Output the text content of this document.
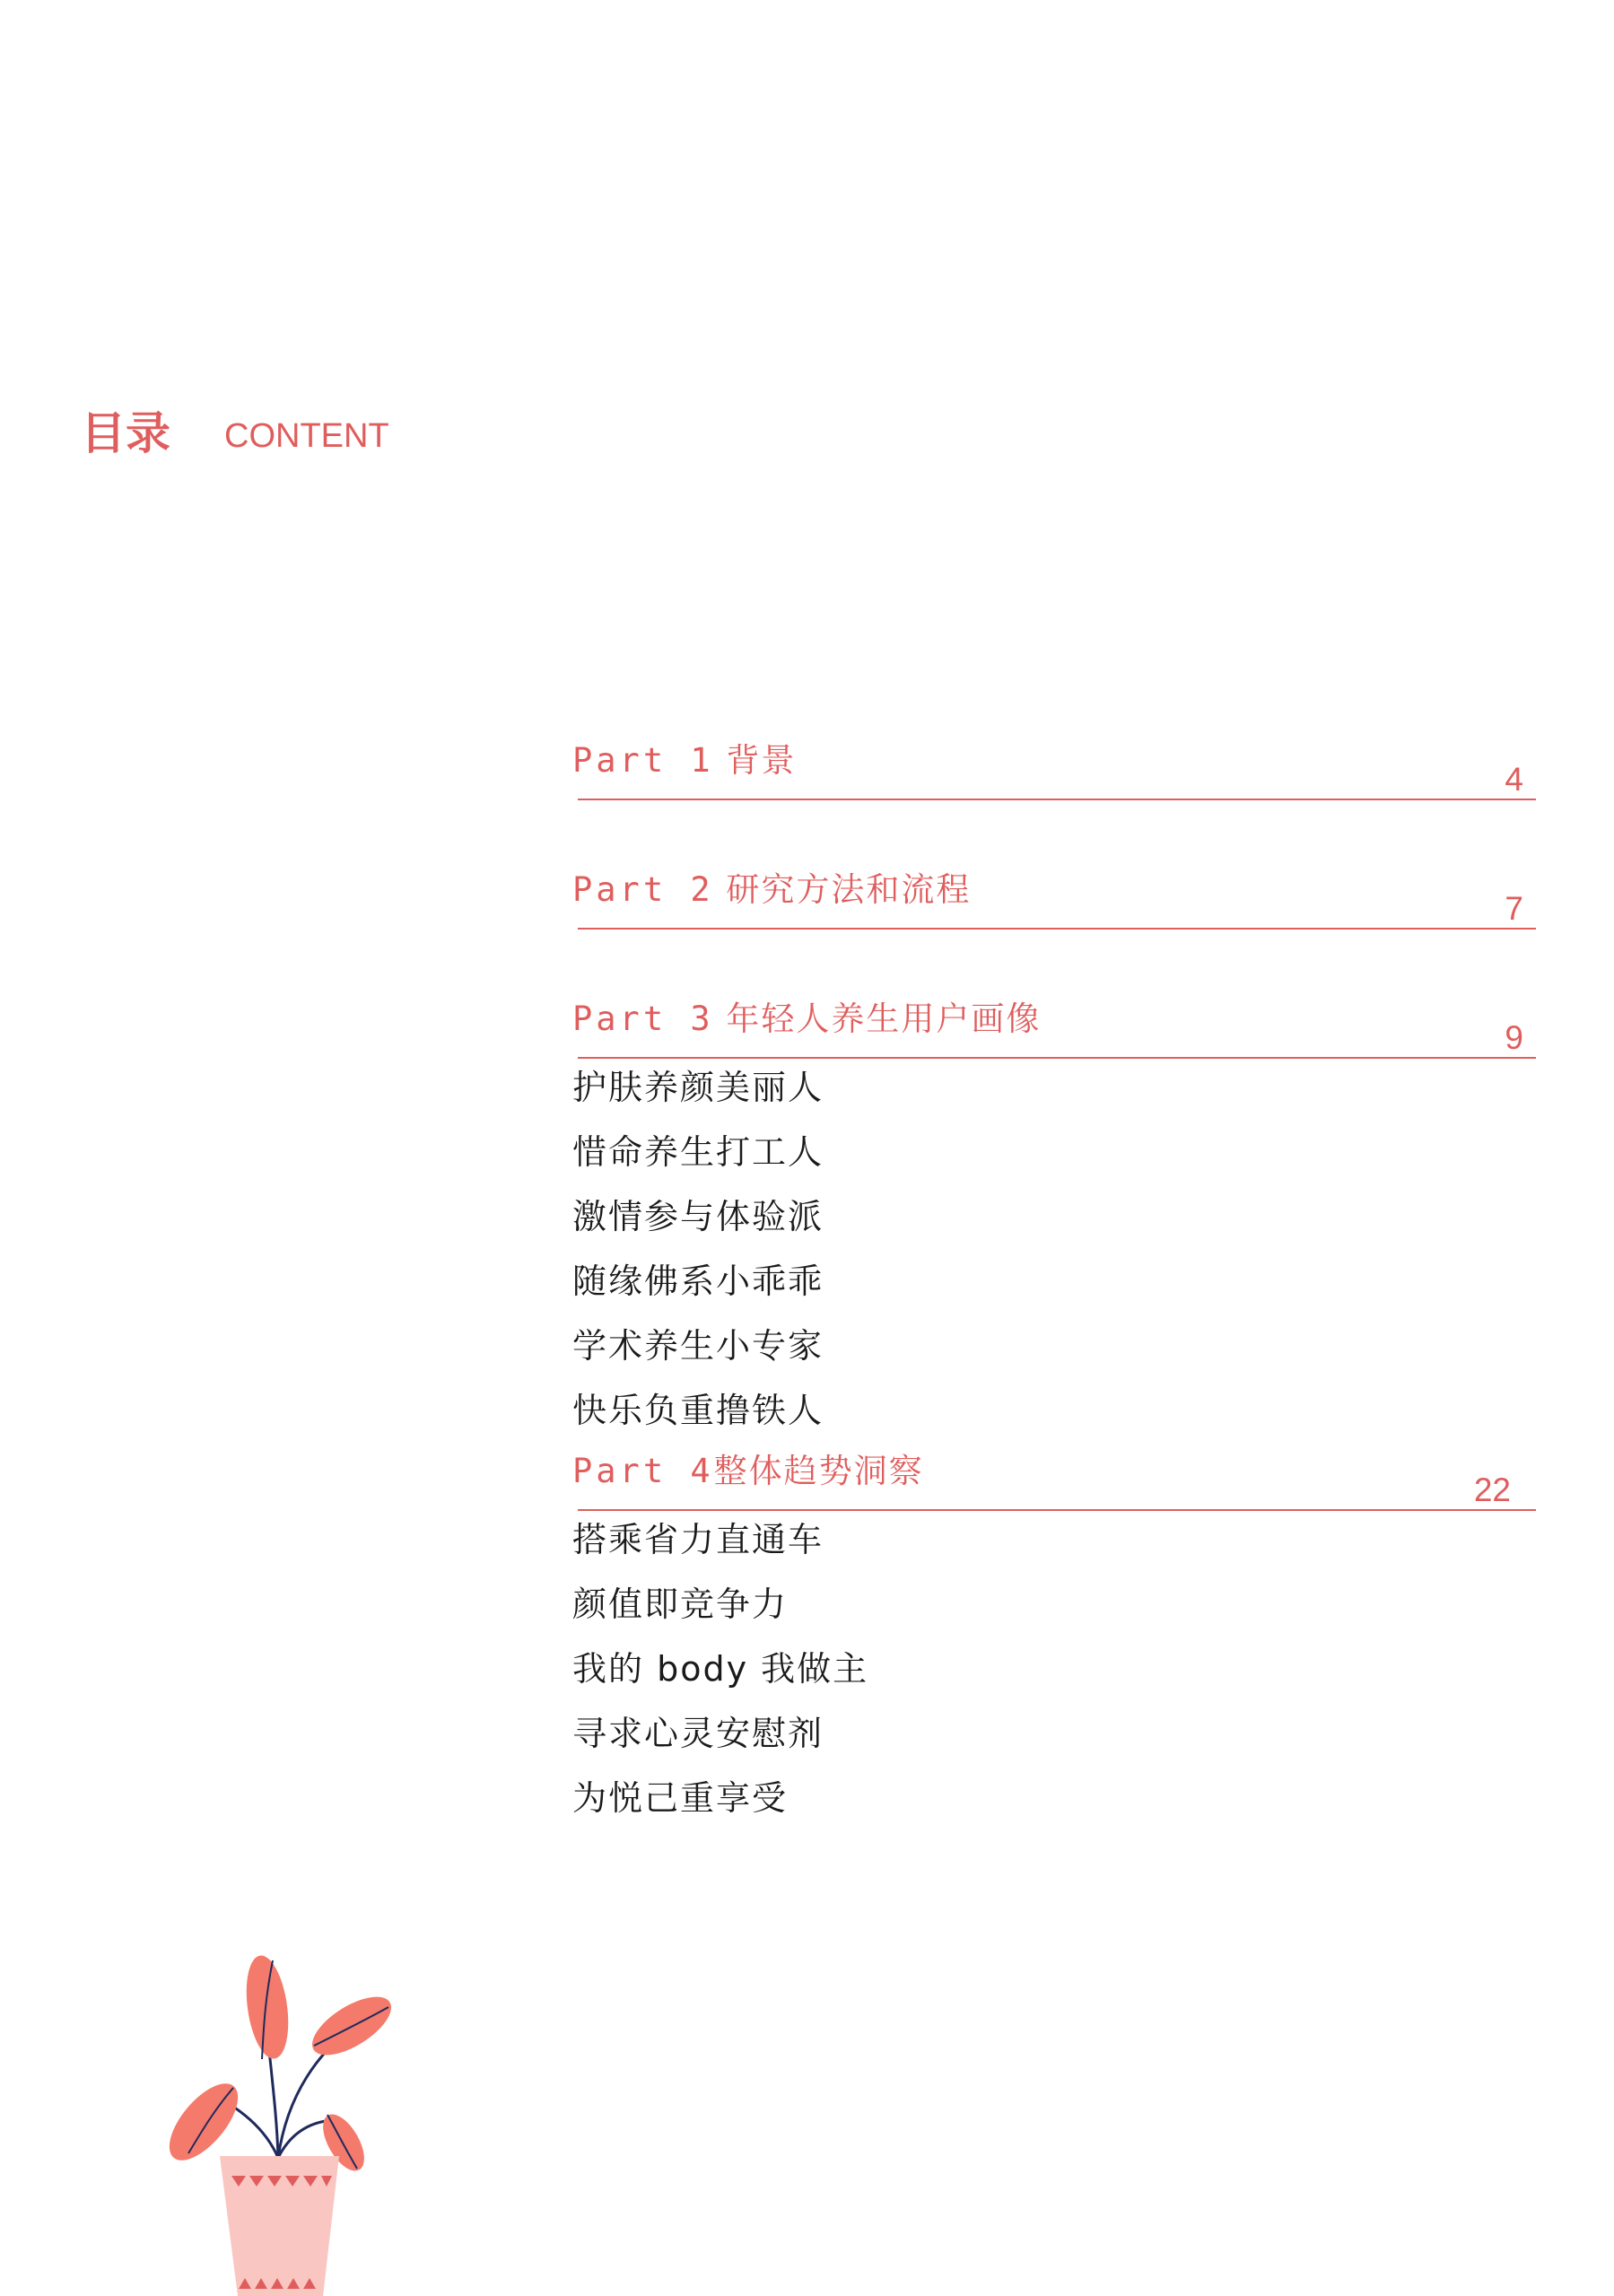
目录 CONTENT
Part 1 背景	4
Part 2 研究方法和流程	7
Part 3 年轻人养生用户画像	9
护肤养颜美丽人
惜命养生打工人
激情参与体验派
随缘佛系小乖乖
学术养生小专家
快乐负重撸铁人
Part 4整体趋势洞察	22
搭乘省力直通车
颜值即竞争力
我的 body 我做主
寻求心灵安慰剂
为悦己重享受
